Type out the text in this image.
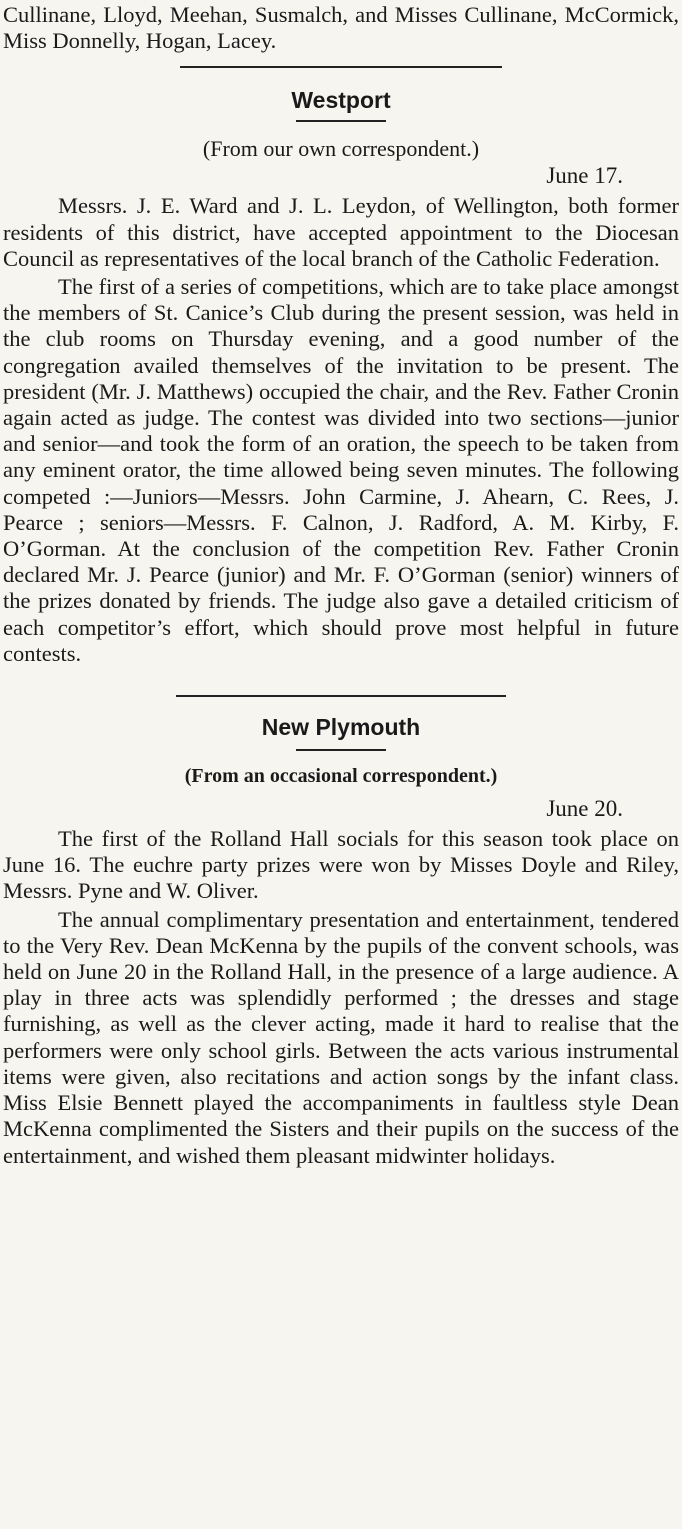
Cullinane, Lloyd, Meehan, Susmalch, and Misses Cullinane, McCormick, Miss Donnelly, Hogan, Lacey.

Westport
(From our own correspondent.)
June 17.

Messrs. J. E. Ward and J. L. Leydon, of Wellington, both former residents of this district, have accepted appointment to the Diocesan Council as representatives of the local branch of the Catholic Federation.

The first of a series of competitions, which are to take place amongst the members of St. Canice’s Club during the present session, was held in the club rooms on Thursday evening, and a good number of the congregation availed themselves of the invitation to be present. The president (Mr. J. Matthews) occupied the chair, and the Rev. Father Cronin again acted as judge. The contest was divided into two sections—junior and senior—and took the form of an oration, the speech to be taken from any eminent orator, the time allowed being seven minutes. The following competed :—Juniors—Messrs. John Carmine, J. Ahearn, C. Rees, J. Pearce ; seniors—Messrs. F. Calnon, J. Radford, A. M. Kirby, F. O’Gorman. At the conclusion of the competition Rev. Father Cronin declared Mr. J. Pearce (junior) and Mr. F. O’Gorman (senior) winners of the prizes donated by friends. The judge also gave a detailed criticism of each competitor’s effort, which should prove most helpful in future contests.

New Plymouth
(From an occasional correspondent.)
June 20.

The first of the Rolland Hall socials for this season took place on June 16. The euchre party prizes were won by Misses Doyle and Riley, Messrs. Pyne and W. Oliver.

The annual complimentary presentation and entertainment, tendered to the Very Rev. Dean McKenna by the pupils of the convent schools, was held on June 20 in the Rolland Hall, in the presence of a large audience. A play in three acts was splendidly performed ; the dresses and stage furnishing, as well as the clever acting, made it hard to realise that the performers were only school girls. Between the acts various instrumental items were given, also recitations and action songs by the infant class. Miss Elsie Bennett played the accompaniments in faultless style Dean McKenna complimented the Sisters and their pupils on the success of the entertainment, and wished them pleasant midwinter holidays.
